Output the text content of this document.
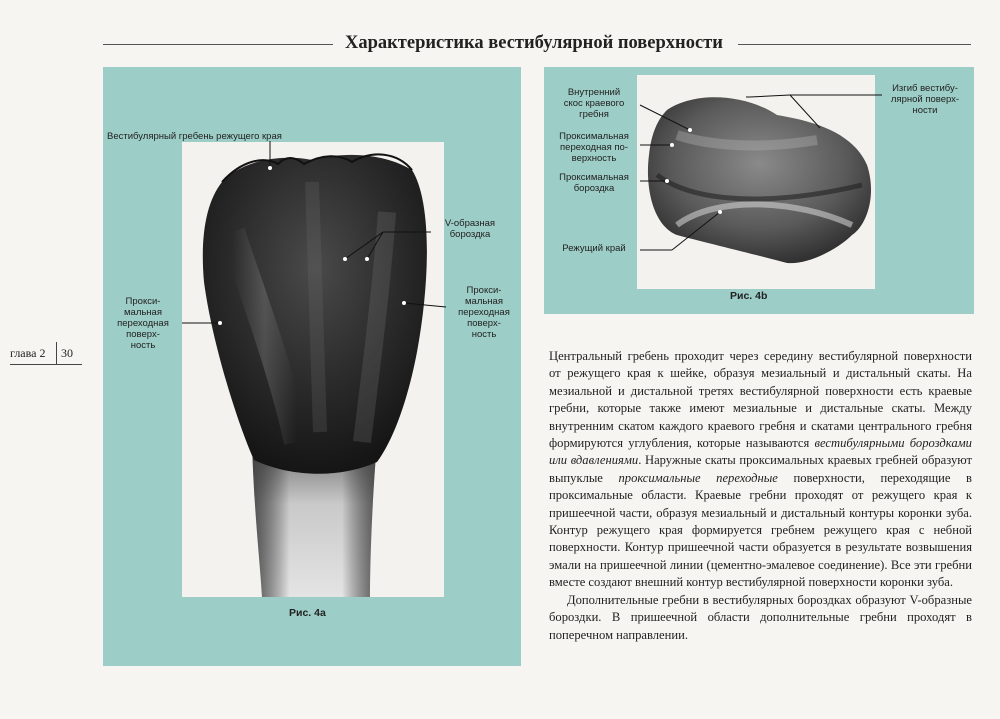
Характеристика вестибулярной поверхности
глава 2 30
Рис. 4а
Вестибулярный гребень режущего края
V-образная
бороздка
Прокси-
мальная
переходная
поверх-
ность
Прокси-
мальная
переходная
поверх-
ность
Рис. 4b
Внутренний
скос краевого
гребня
Проксимальная
переходная по-
верхность
Проксимальная
бороздка
Режущий край
Изгиб вестибу-
лярной поверх-
ности

Центральный гребень проходит через середину вестибулярной поверхности от режущего края к шейке, образуя мезиальный и дистальный скаты. На мезиальной и дистальной третях вестибулярной поверхности есть краевые гребни, которые также имеют мезиальные и дистальные скаты. Между внутренним скатом каждого краевого гребня и скатами центрального гребня формируются углубления, которые называются вестибулярными бороздками или вдавлениями. Наружные скаты проксимальных краевых гребней образуют выпуклые проксимальные переходные поверхности, переходящие в проксимальные области. Краевые гребни проходят от режущего края к пришеечной части, образуя мезиальный и дистальный контуры коронки зуба. Контур режущего края формируется гребнем режущего края с небной поверхности. Контур пришеечной части образуется в результате возвышения эмали на пришеечной линии (цементно-эмалевое соединение). Все эти гребни вместе создают внешний контур вестибулярной поверхности коронки зуба.

Дополнительные гребни в вестибулярных бороздках образуют V-образные бороздки. В пришеечной области дополнительные гребни проходят в поперечном направлении.
